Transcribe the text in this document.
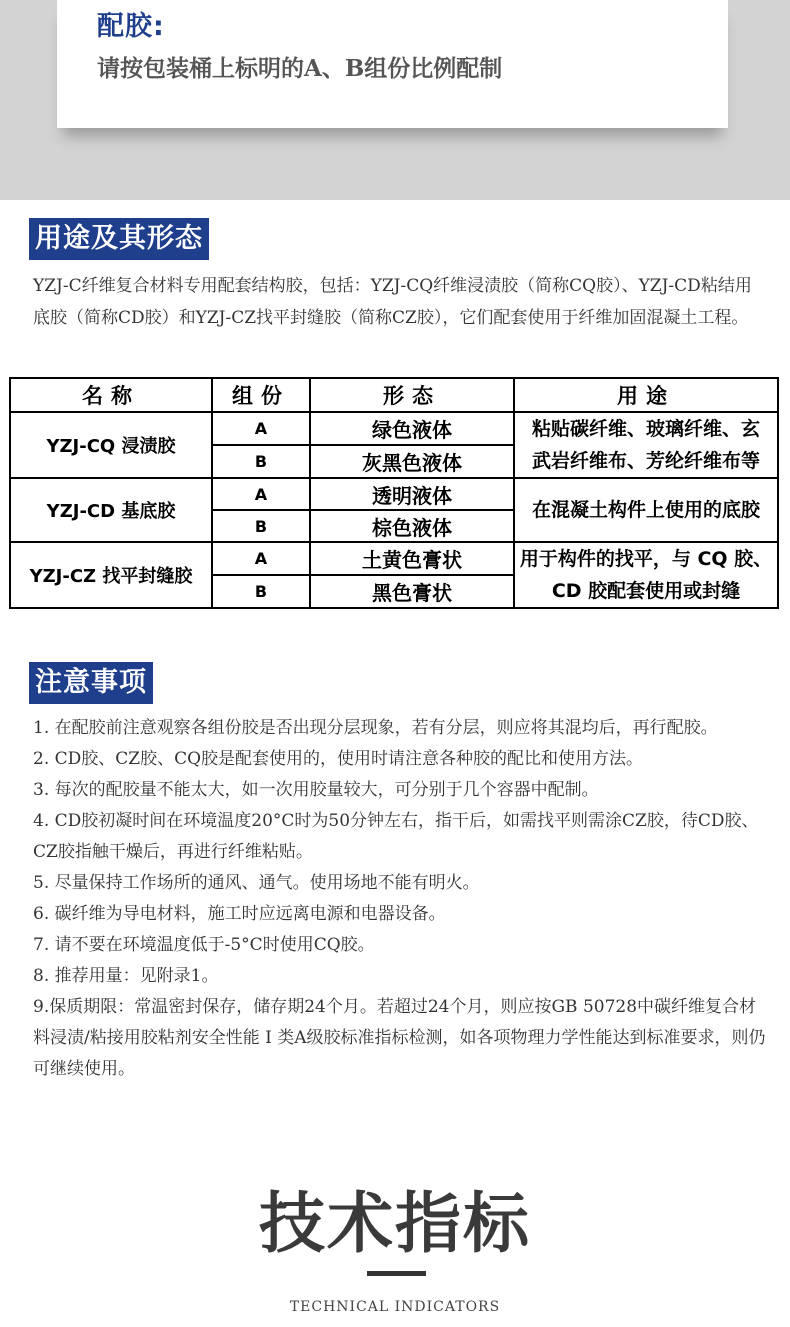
配胶:
请按包装桶上标明的A、B组份比例配制
用途及其形态
YZJ-C纤维复合材料专用配套结构胶，包括：YZJ-CQ纤维浸渍胶（简称CQ胶）、YZJ-CD粘结用底胶（简称CD胶）和YZJ-CZ找平封缝胶（简称CZ胶），它们配套使用于纤维加固混凝土工程。
名称	组份	形态	用途
YZJ-CQ 浸渍胶	A	绿色液体	粘贴碳纤维、玻璃纤维、玄
武岩纤维布、芳纶纤维布等

	B	灰黑色液体	
YZJ-CD 基底胶	A	透明液体	在混凝土构件上使用的底胶

	B	棕色液体	
YZJ-CZ 找平封缝胶	A	土黄色膏状	用于构件的找平，与 CQ 胶、
CD 胶配套使用或封缝

	B	黑色膏状	
注意事项

1. 在配胶前注意观察各组份胶是否出现分层现象，若有分层，则应将其混均后，再行配胶。

2. CD胶、CZ胶、CQ胶是配套使用的，使用时请注意各种胶的配比和使用方法。

3. 每次的配胶量不能太大，如一次用胶量较大，可分别于几个容器中配制。

4. CD胶初凝时间在环境温度20°C时为50分钟左右，指干后，如需找平则需涂CZ胶，待CD胶、CZ胶指触干燥后，再进行纤维粘贴。

5. 尽量保持工作场所的通风、通气。使用场地不能有明火。

6. 碳纤维为导电材料，施工时应远离电源和电器设备。

7. 请不要在环境温度低于-5°C时使用CQ胶。

8. 推荐用量：见附录1。

9.保质期限：常温密封保存，储存期24个月。若超过24个月，则应按GB 50728中碳纤维复合材料浸渍/粘接用胶粘剂安全性能 I 类A级胶标准指标检测，如各项物理力学性能达到标准要求，则仍可继续使用。

技术指标
TECHNICAL INDICATORS
